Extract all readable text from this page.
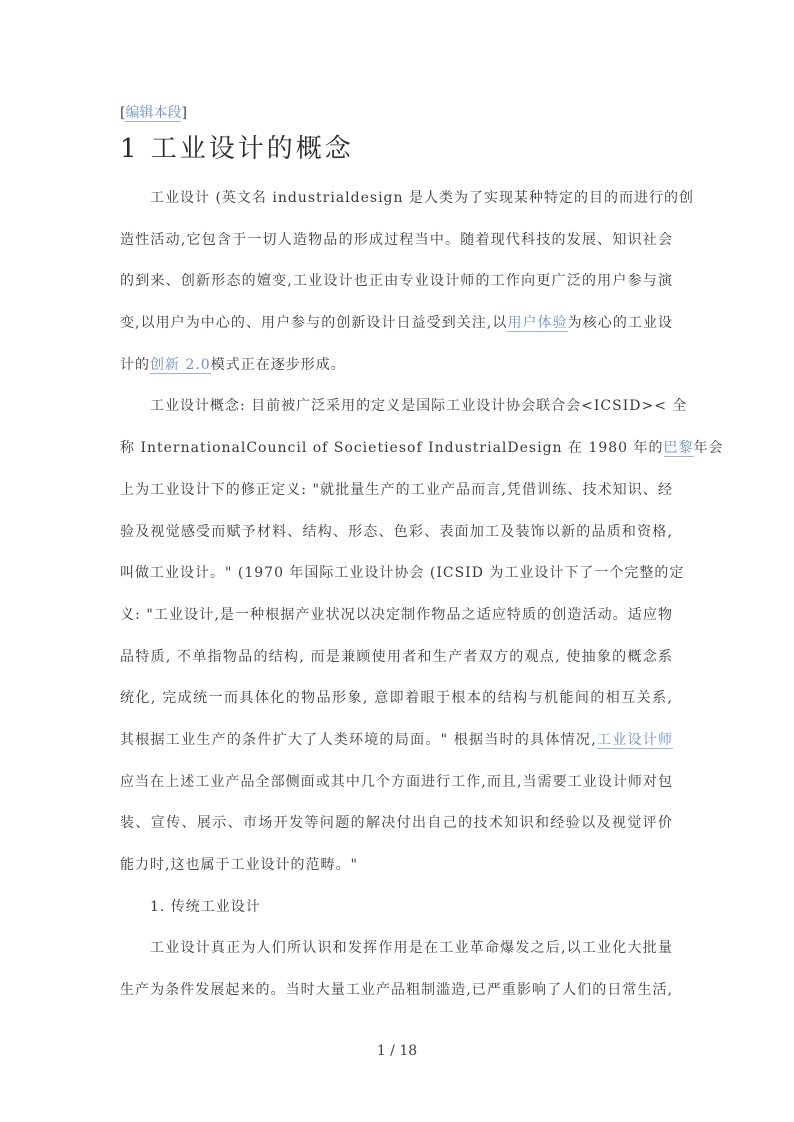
[编辑本段]
1 工业设计的概念
工业设计 (英文名 industrialdesign 是人类为了实现某种特定的目的而进行的创
造性活动,它包含于一切人造物品的形成过程当中。随着现代科技的发展、知识社会
的到来、创新形态的嬗变,工业设计也正由专业设计师的工作向更广泛的用户参与演
变,以用户为中心的、用户参与的创新设计日益受到关注,以用户体验为核心的工业设
计的创新 2.0模式正在逐步形成。
工业设计概念: 目前被广泛采用的定义是国际工业设计协会联合会<ICSID>< 全
称 InternationalCouncil of Societiesof IndustrialDesign 在 1980 年的巴黎年会
上为工业设计下的修正定义: "就批量生产的工业产品而言,凭借训练、技术知识、经
验及视觉感受而赋予材料、结构、形态、色彩、表面加工及装饰以新的品质和资格,
叫做工业设计。" (1970 年国际工业设计协会 (ICSID 为工业设计下了一个完整的定
义: "工业设计,是一种根据产业状况以决定制作物品之适应特质的创造活动。适应物
品特质, 不单指物品的结构, 而是兼顾使用者和生产者双方的观点, 使抽象的概念系
统化, 完成统一而具体化的物品形象, 意即着眼于根本的结构与机能间的相互关系,
其根据工业生产的条件扩大了人类环境的局面。" 根据当时的具体情况,工业设计师
应当在上述工业产品全部侧面或其中几个方面进行工作,而且,当需要工业设计师对包
装、宣传、展示、市场开发等问题的解决付出自己的技术知识和经验以及视觉评价
能力时,这也属于工业设计的范畴。"
1. 传统工业设计
工业设计真正为人们所认识和发挥作用是在工业革命爆发之后,以工业化大批量
生产为条件发展起来的。当时大量工业产品粗制滥造,已严重影响了人们的日常生活,
1 / 18
